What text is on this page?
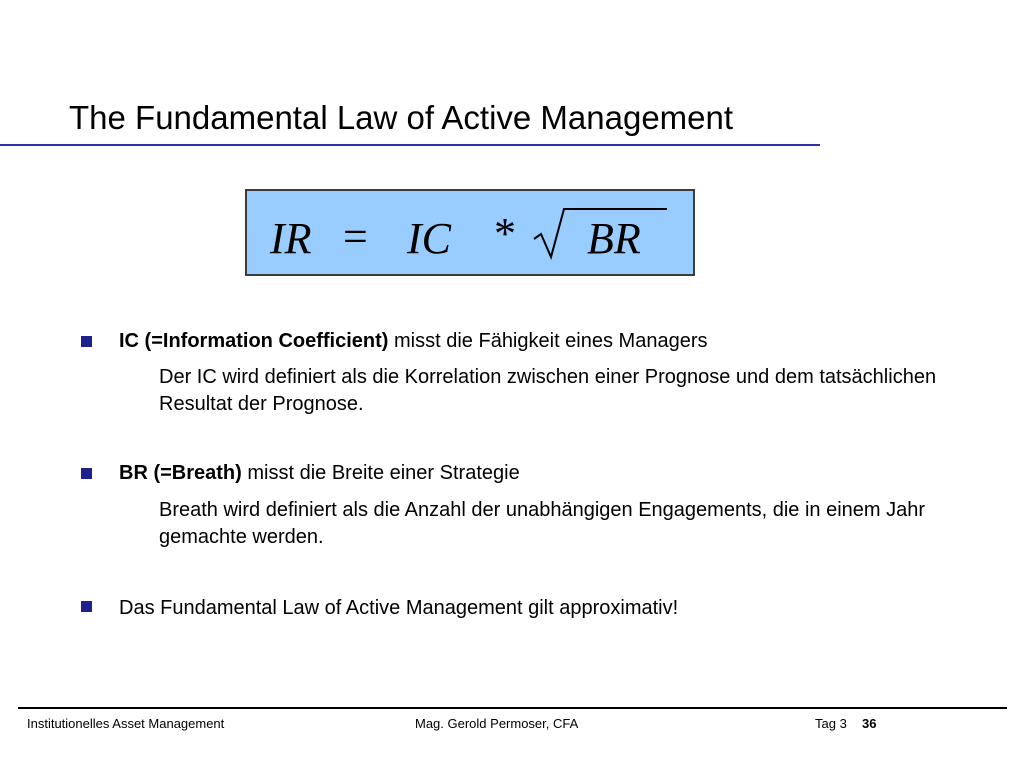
The Fundamental Law of Active Management
IR = IC * BR
IC (=Information Coefficient) misst die Fähigkeit eines Managers
Der IC wird definiert als die Korrelation zwischen einer Prognose und dem tatsächlichen Resultat der Prognose.
BR (=Breath) misst die Breite einer Strategie
Breath wird definiert als die Anzahl der unabhängigen Engagements, die in einem Jahr gemachte werden.
Das Fundamental Law of Active Management gilt approximativ!
Institutionelles Asset Management	Mag. Gerold Permoser, CFA	Tag 3 36
